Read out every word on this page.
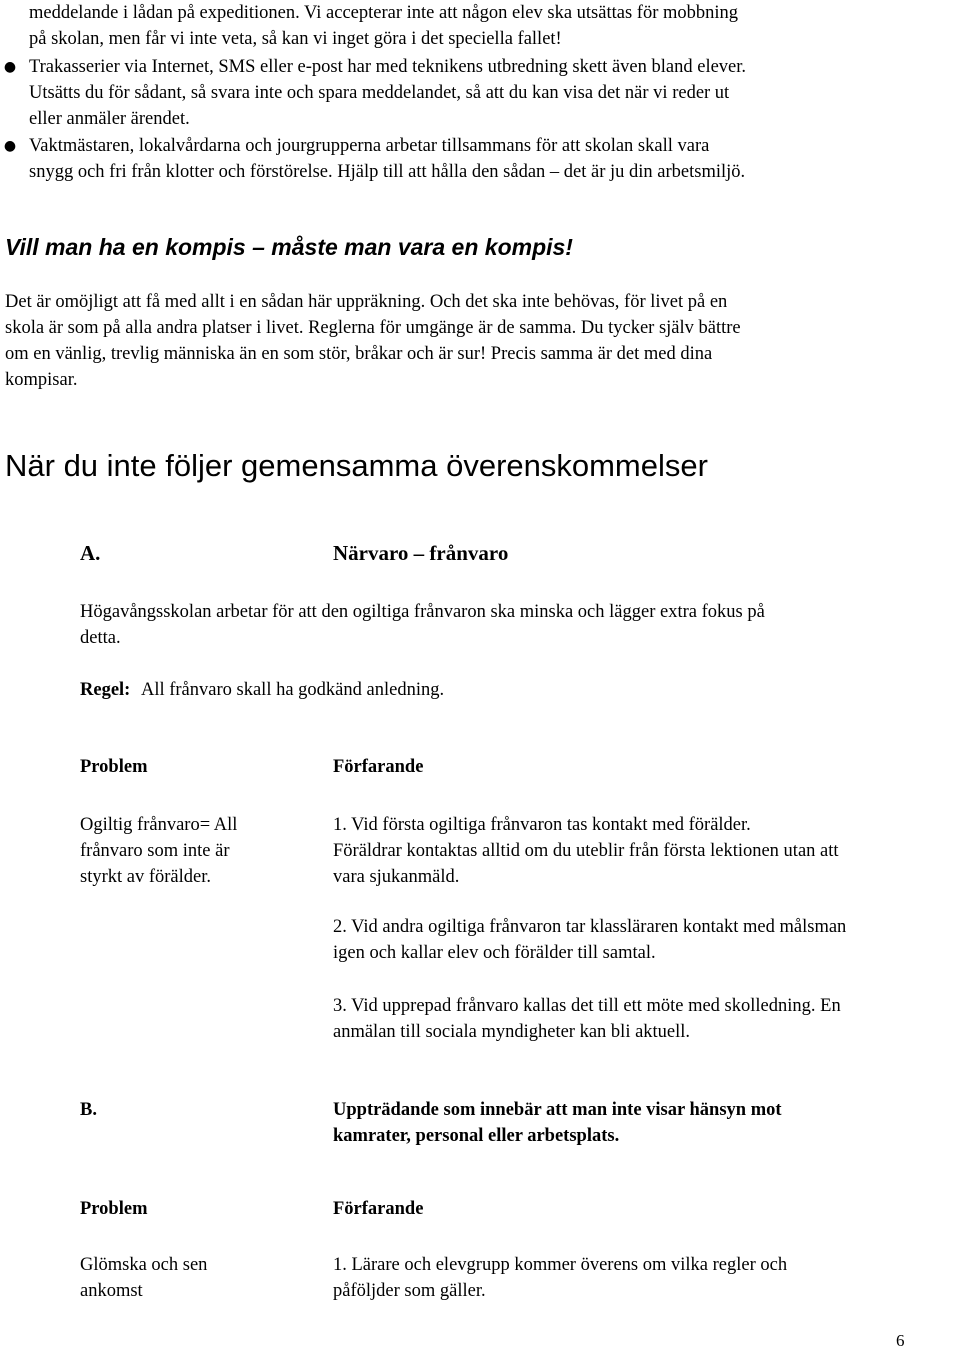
meddelande i lådan på expeditionen. Vi accepterar inte att någon elev ska utsättas för mobbning
på skolan, men får vi inte veta, så kan vi inget göra i det speciella fallet!
● Trakasserier via Internet, SMS eller e-post har med teknikens utbredning skett även bland elever.
Utsätts du för sådant, så svara inte och spara meddelandet, så att du kan visa det när vi reder ut
eller anmäler ärendet.
● Vaktmästaren, lokalvårdarna och jourgrupperna arbetar tillsammans för att skolan skall vara
snygg och fri från klotter och förstörelse. Hjälp till att hålla den sådan – det är ju din arbetsmiljö.
Vill man ha en kompis – måste man vara en kompis!
Det är omöjligt att få med allt i en sådan här uppräkning. Och det ska inte behövas, för livet på en
skola är som på alla andra platser i livet. Reglerna för umgänge är de samma. Du tycker själv bättre
om en vänlig, trevlig människa än en som stör, bråkar och är sur! Precis samma är det med dina
kompisar.
När du inte följer gemensamma överenskommelser
A.	Närvaro – frånvaro
Högavångsskolan arbetar för att den ogiltiga frånvaron ska minska och lägger extra fokus på
detta.
Regel: All frånvaro skall ha godkänd anledning.
Problem	Förfarande
Ogiltig frånvaro= All
frånvaro som inte är
styrkt av förälder.
1. Vid första ogiltiga frånvaron tas kontakt med förälder.
Föräldrar kontaktas alltid om du uteblir från första lektionen utan att
vara sjukanmäld.
2. Vid andra ogiltiga frånvaron tar klassläraren kontakt med målsman
igen och kallar elev och förälder till samtal.
3. Vid upprepad frånvaro kallas det till ett möte med skolledning. En
anmälan till sociala myndigheter kan bli aktuell.
B.	Uppträdande som innebär att man inte visar hänsyn mot
kamrater, personal eller arbetsplats.
Problem	Förfarande
Glömska och sen
ankomst
1. Lärare och elevgrupp kommer överens om vilka regler och
påföljder som gäller.
6
